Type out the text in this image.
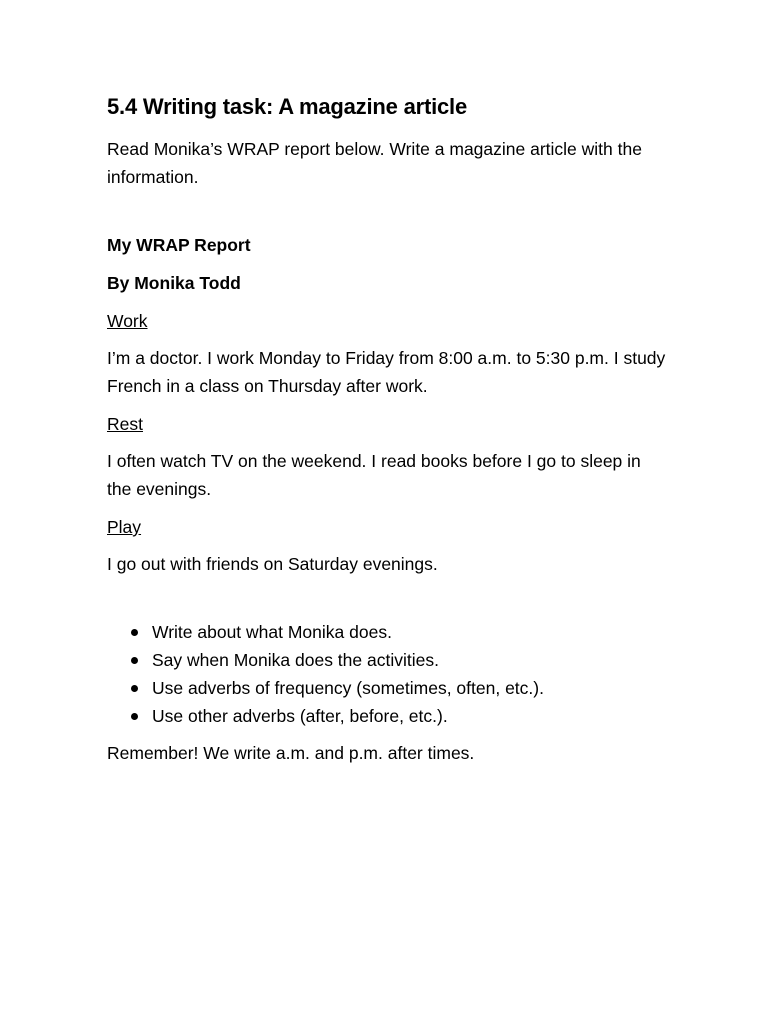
5.4 Writing task: A magazine article

Read Monika’s WRAP report below. Write a magazine article with the information.

My WRAP Report

By Monika Todd

Work

I’m a doctor. I work Monday to Friday from 8:00 a.m. to 5:30 p.m. I study French in a class on Thursday after work.

Rest

I often watch TV on the weekend. I read books before I go to sleep in the evenings.

Play

I go out with friends on Saturday evenings.

Write about what Monika does.
Say when Monika does the activities.
Use adverbs of frequency (sometimes, often, etc.).
Use other adverbs (after, before, etc.).

Remember! We write a.m. and p.m. after times.
